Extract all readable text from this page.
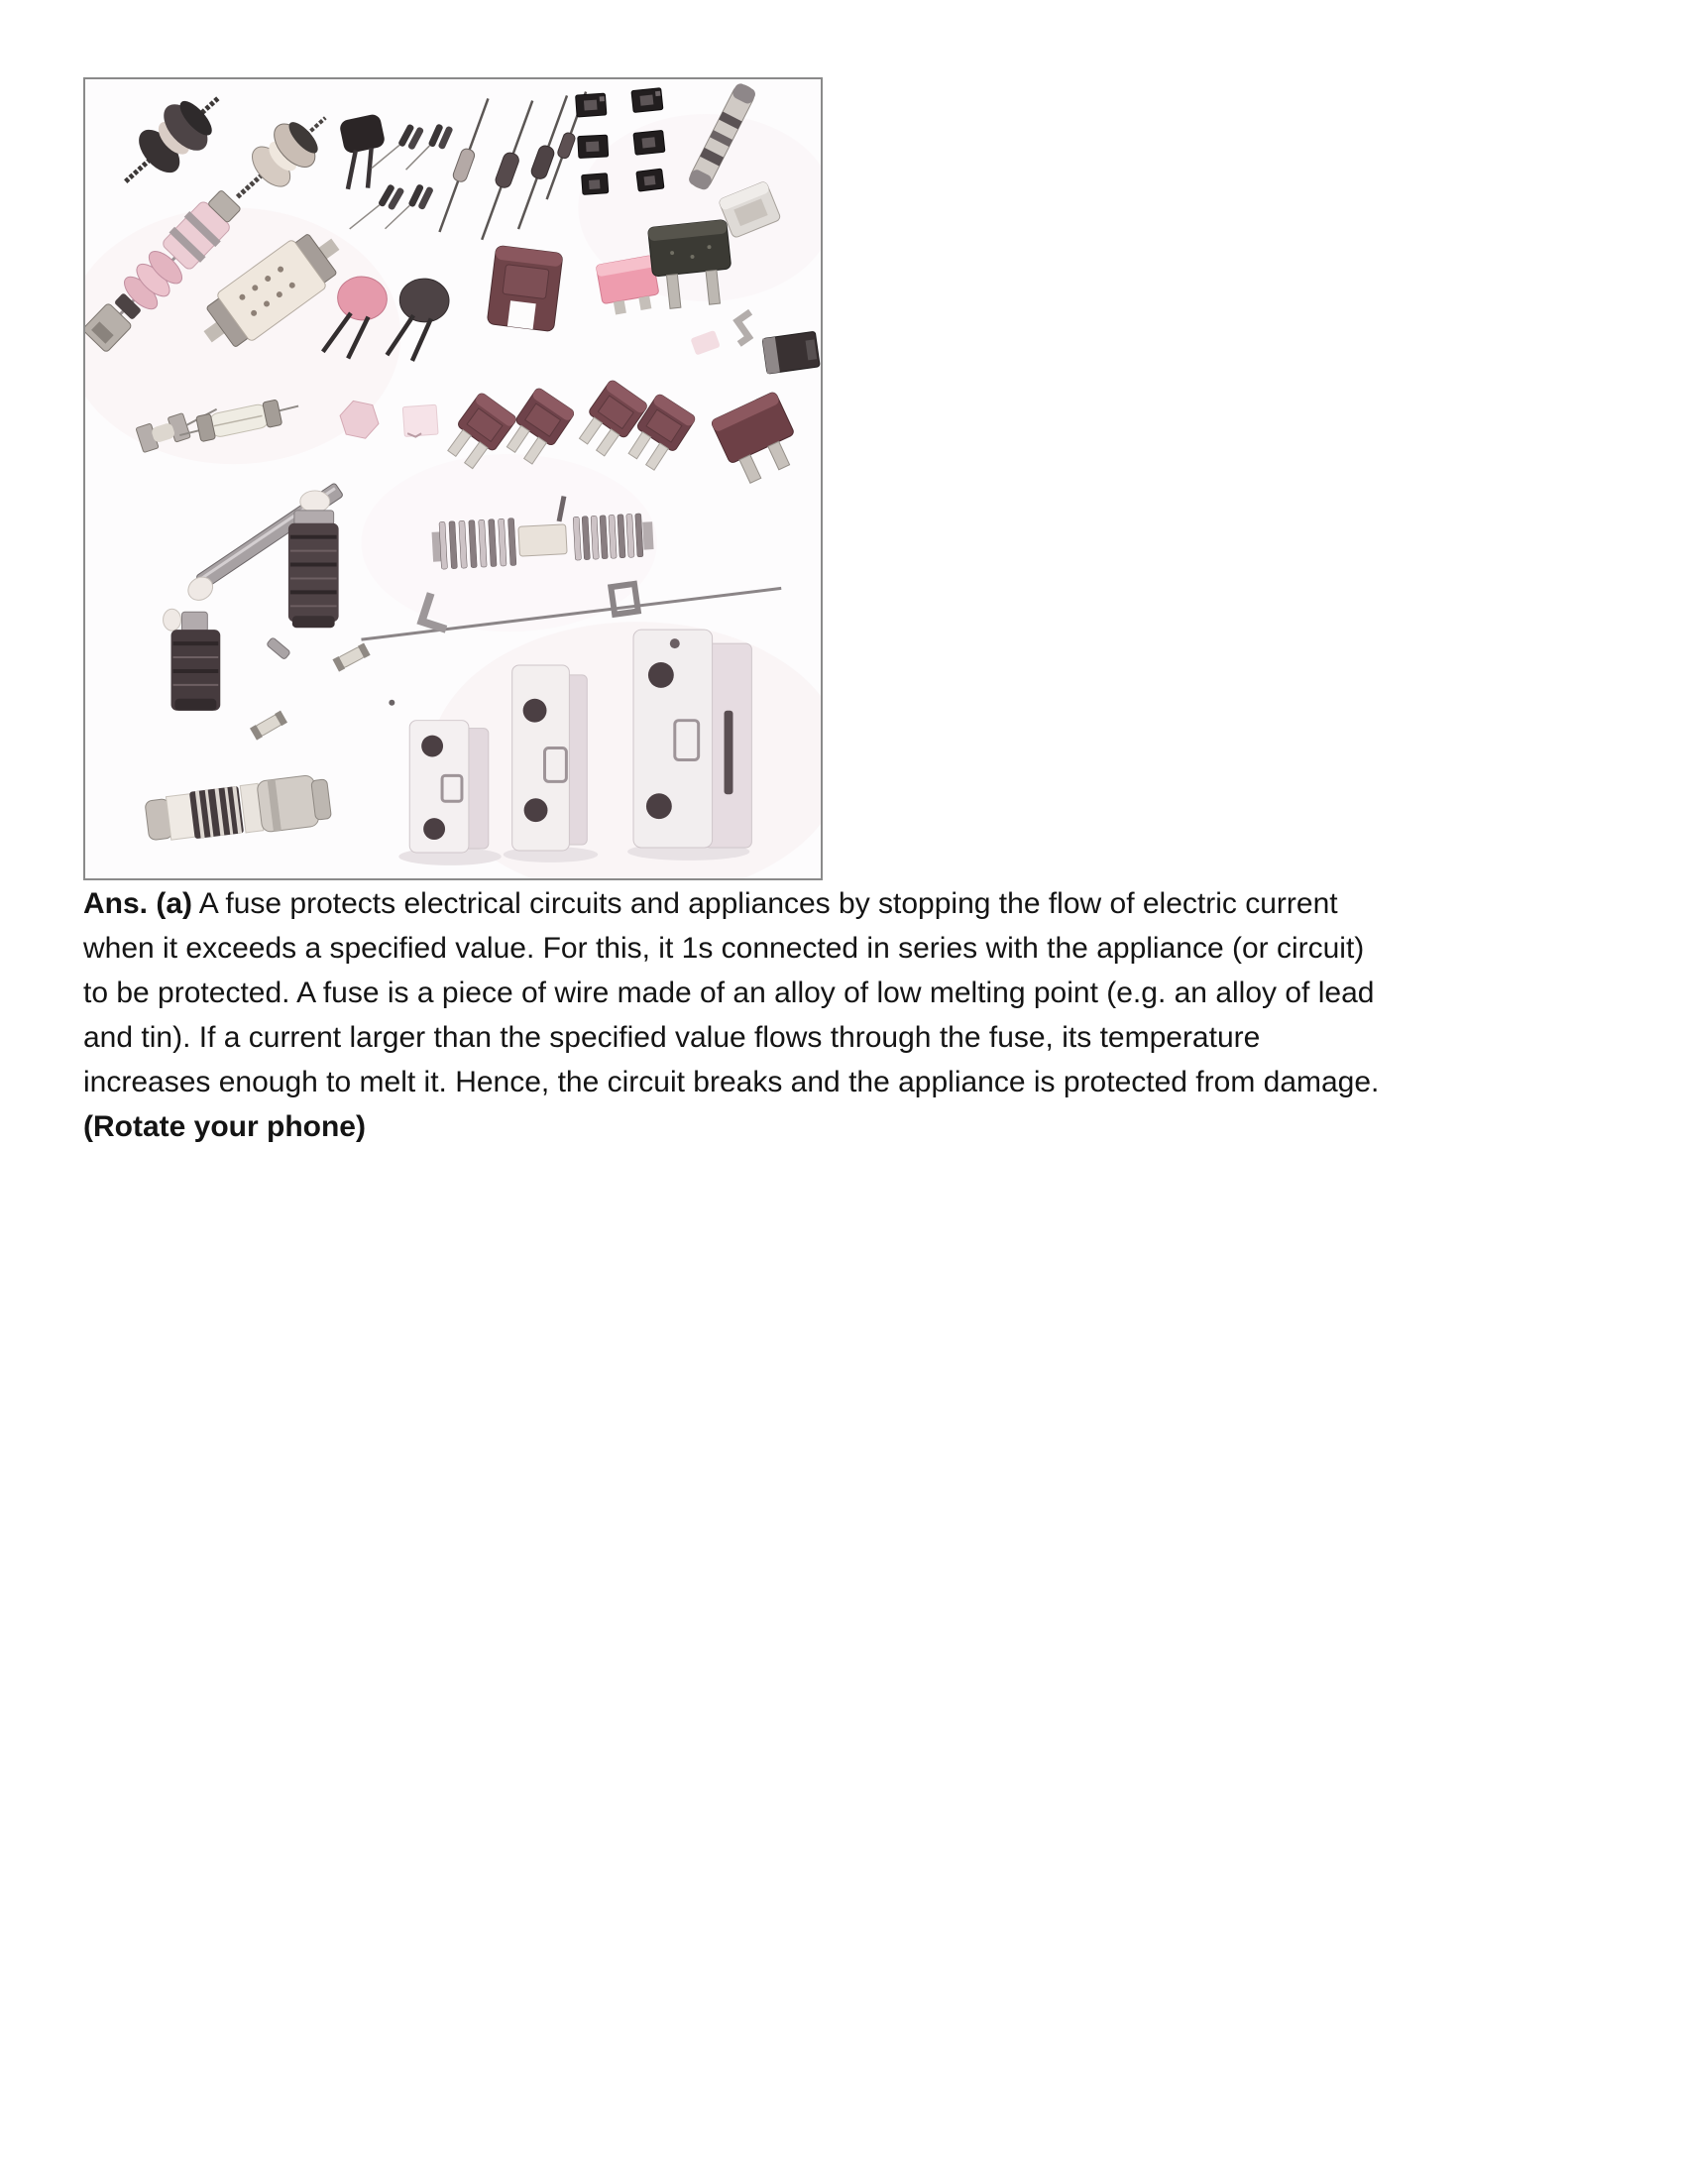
Ans. (a) A fuse protects electrical circuits and appliances by stopping the flow of electric current
when it exceeds a specified value. For this, it 1s connected in series with the appliance (or circuit)
to be protected. A fuse is a piece of wire made of an alloy of low melting point (e.g. an alloy of lead
and tin). If a current larger than the specified value flows through the fuse, its temperature
increases enough to melt it. Hence, the circuit breaks and the appliance is protected from damage.
(Rotate your phone)
